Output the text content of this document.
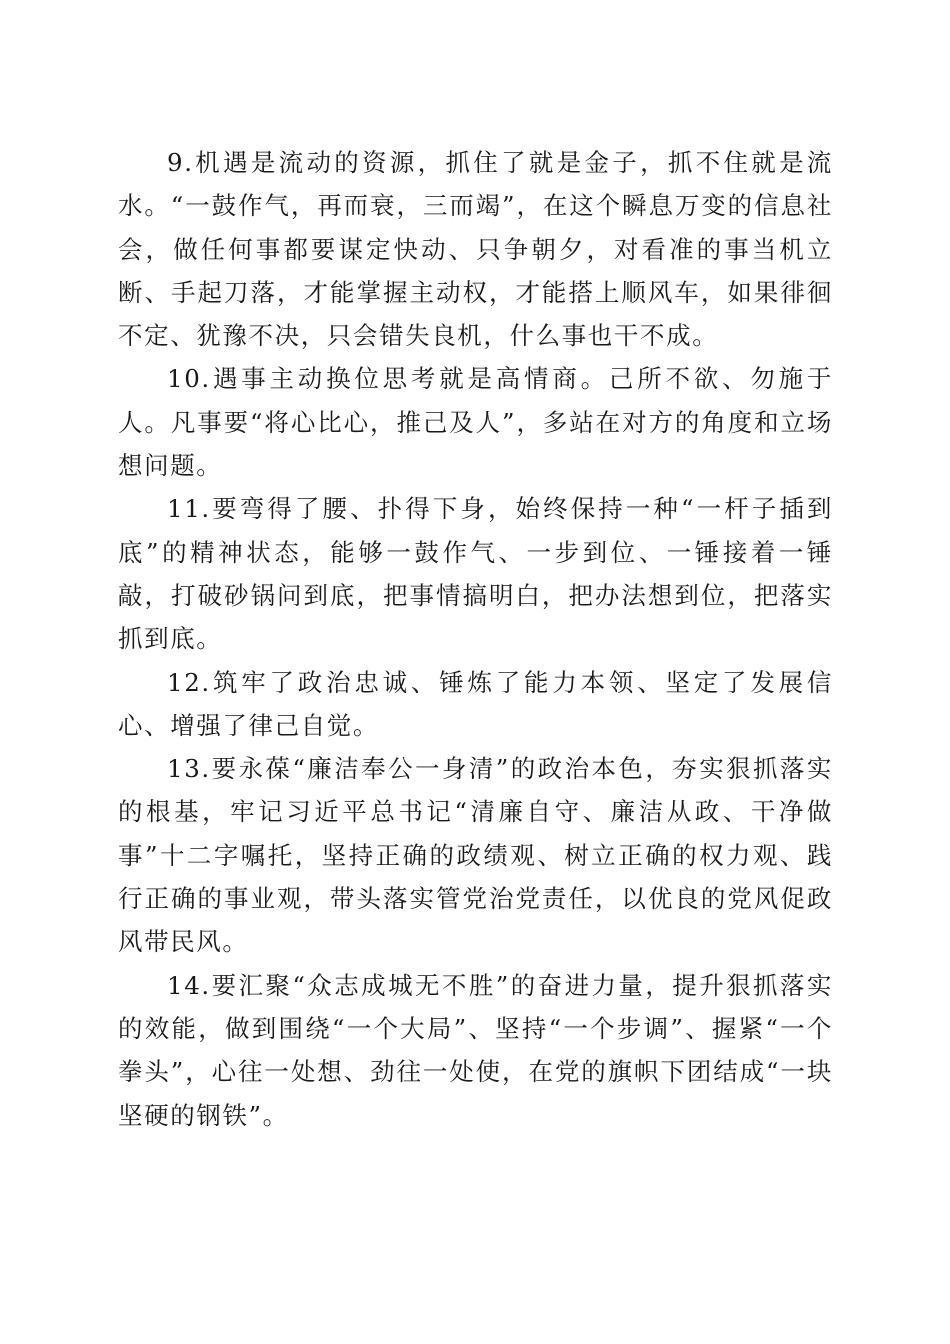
9.机遇是流动的资源，抓住了就是金子，抓不住就是流水。“一鼓作气，再而衰，三而竭”，在这个瞬息万变的信息社会，做任何事都要谋定快动、只争朝夕，对看准的事当机立断、手起刀落，才能掌握主动权，才能搭上顺风车，如果徘徊不定、犹豫不决，只会错失良机，什么事也干不成。

10.遇事主动换位思考就是高情商。己所不欲、勿施于人。凡事要“将心比心，推己及人”，多站在对方的角度和立场想问题。

11.要弯得了腰、扑得下身，始终保持一种“一杆子插到底”的精神状态，能够一鼓作气、一步到位、一锤接着一锤敲，打破砂锅问到底，把事情搞明白，把办法想到位，把落实抓到底。

12.筑牢了政治忠诚、锤炼了能力本领、坚定了发展信心、增强了律己自觉。

13.要永葆“廉洁奉公一身清”的政治本色，夯实狠抓落实的根基，牢记习近平总书记“清廉自守、廉洁从政、干净做事”十二字嘱托，坚持正确的政绩观、树立正确的权力观、践行正确的事业观，带头落实管党治党责任，以优良的党风促政风带民风。

14.要汇聚“众志成城无不胜”的奋进力量，提升狠抓落实的效能，做到围绕“一个大局”、坚持“一个步调”、握紧“一个拳头”，心往一处想、劲往一处使，在党的旗帜下团结成“一块坚硬的钢铁”。
